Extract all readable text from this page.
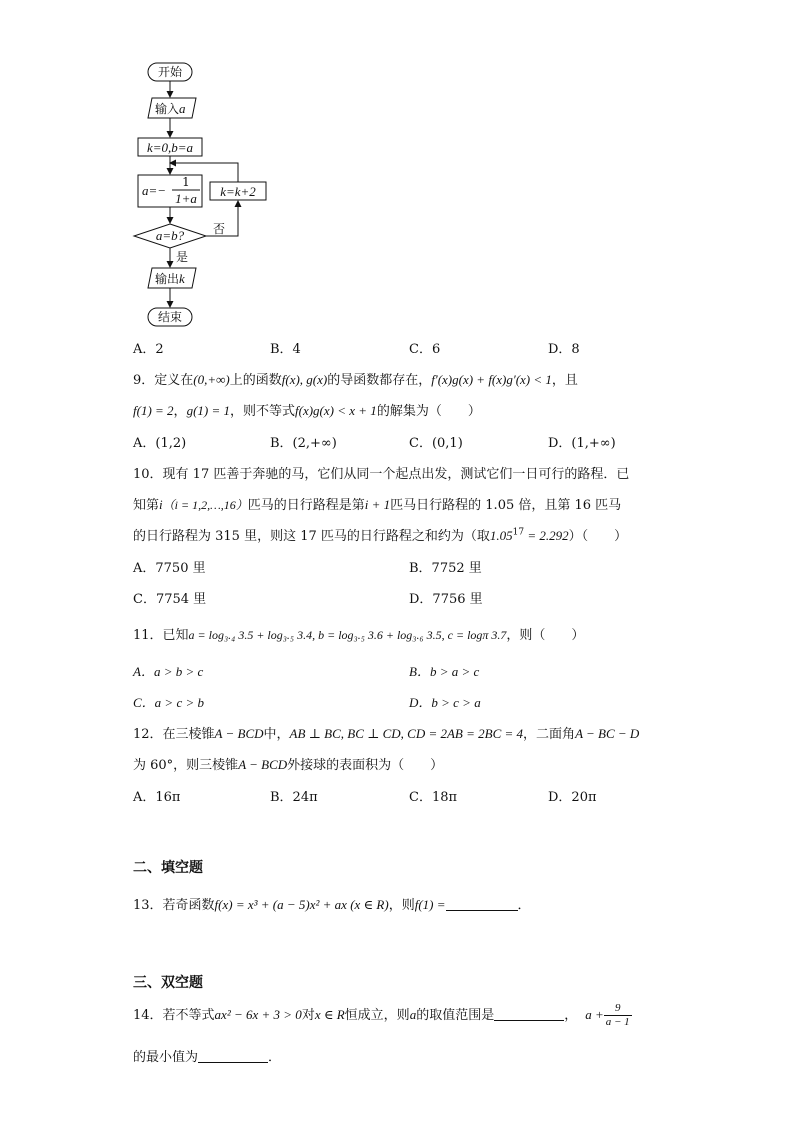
开始
输入a
k=0,b=a
a=−
1
1+a k=k+2
a=b? 否
是
输出k
结束
A．2	B．4	C．6	D．8
9．定义在(0,+∞)上的函数f(x), g(x)的导函数都存在，f′(x)g(x) + f(x)g′(x) < 1，且
f(1) = 2，g(1) = 1，则不等式f(x)g(x) < x + 1的解集为（　　）
A．(1,2)	B．(2,+∞)	C．(0,1)	D．(1,+∞)
10．现有 17 匹善于奔驰的马，它们从同一个起点出发，测试它们一日可行的路程．已
知第i（i = 1,2,…,16）匹马的日行路程是第i + 1匹马日行路程的 1.05 倍，且第 16 匹马
的日行路程为 315 里，则这 17 匹马的日行路程之和约为（取$1.05^{17} = 2.292$）（　　）
A．7750 里	B．7752 里
C．7754 里	D．7756 里
11．已知a = log₃.₄ 3.5 + log₃.₅ 3.4, b = log₃.₅ 3.6 + log₃.₆ 3.5, c = logπ 3.7，则（　　）
A．a > b > c	B．b > a > c
C．a > c > b	D．b > c > a
12．在三棱锥A − BCD中，AB ⊥ BC, BC ⊥ CD, CD = 2AB = 2BC = 4，二面角A − BC − D
为 60°，则三棱锥A − BCD外接球的表面积为（　　）
A．16π	B．24π	C．18π	D．20π
二、填空题
13．若奇函数f(x) = x³ + (a − 5)x² + ax (x ∈ R)，则f(1) =	．
三、双空题
14．若不等式ax² − 6x + 3 > 0对x ∈ R恒成立，则a的取值范围是	， $a + \frac{9}{a - 1}$
的最小值为	．
